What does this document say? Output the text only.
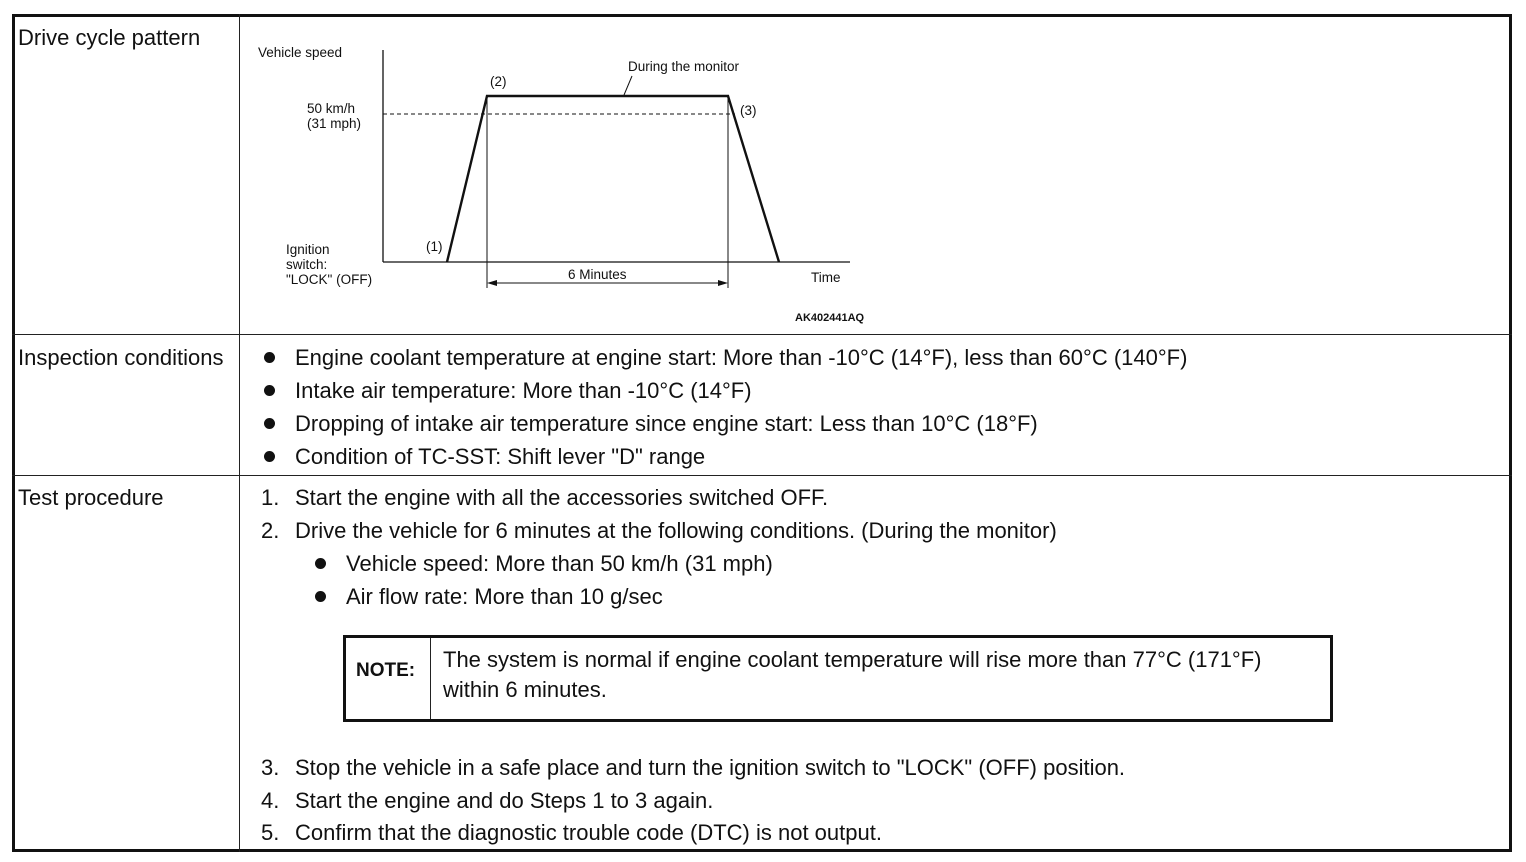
Drive cycle pattern
Vehicle speed
50 km/h
(31 mph)
Ignition
switch:
"LOCK" (OFF)
(1)
(2)
(3)
During the monitor
6 Minutes	Time
AK402441AQ
Inspection conditions	Engine coolant temperature at engine start: More than -10°C (14°F), less than 60°C (140°F)
Intake air temperature: More than -10°C (14°F)
Dropping of intake air temperature since engine start: Less than 10°C (18°F)
Condition of TC-SST: Shift lever "D" range
Test procedure	1. Start the engine with all the accessories switched OFF.
2. Drive the vehicle for 6 minutes at the following conditions. (During the monitor)
Vehicle speed: More than 50 km/h (31 mph)
Air flow rate: More than 10 g/sec
NOTE: The system is normal if engine coolant temperature will rise more than 77°C (171°F) within 6 minutes.
3. Stop the vehicle in a safe place and turn the ignition switch to "LOCK" (OFF) position.
4. Start the engine and do Steps 1 to 3 again.
5. Confirm that the diagnostic trouble code (DTC) is not output.
